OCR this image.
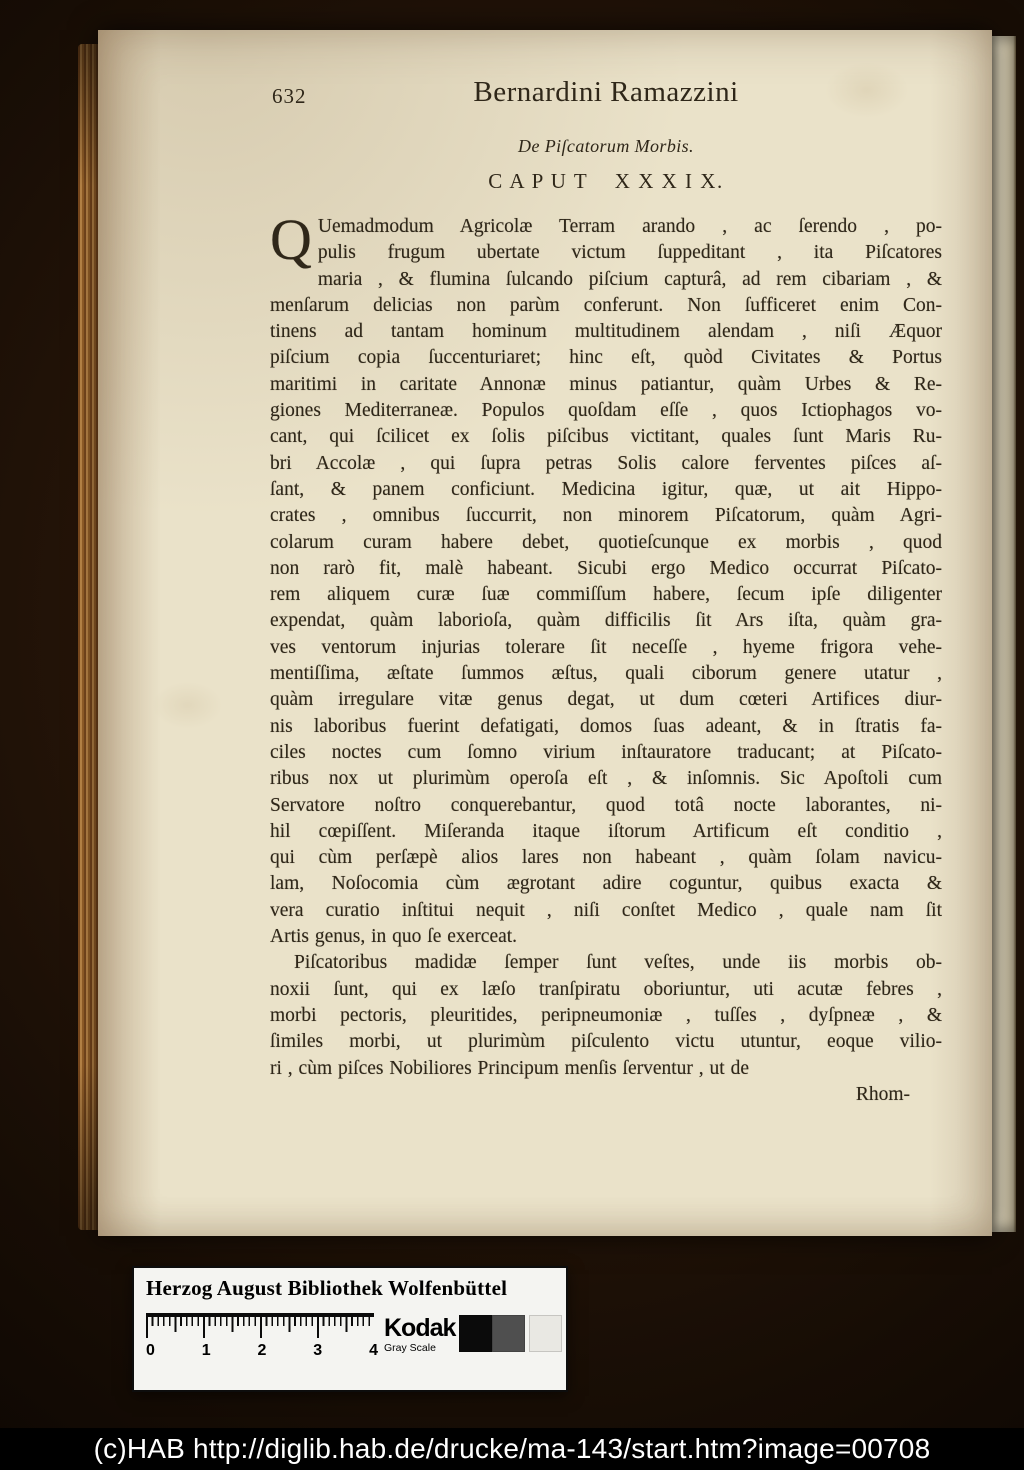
632	Bernardini Ramazzini
De Piſcatorum Morbis.
C A P U T    X X X I X.
Q Uemadmodum Agricolæ Terram arando , ac ſerendo , po-
pulis frugum ubertate victum ſuppeditant , ita Piſcatores
maria , & flumina ſulcando piſcium capturâ, ad rem cibariam , &
menſarum delicias non parùm conferunt. Non ſufficeret enim Con-
tinens ad tantam hominum multitudinem alendam , niſi Æquor
piſcium copia ſuccenturiaret; hinc eſt, quòd Civitates & Portus
maritimi in caritate Annonæ minus patiantur, quàm Urbes & Re-
giones Mediterraneæ. Populos quoſdam eſſe , quos Ictiophagos vo-
cant, qui ſcilicet ex ſolis piſcibus victitant, quales ſunt Maris Ru-
bri Accolæ , qui ſupra petras Solis calore ferventes piſces aſ-
ſant, & panem conficiunt. Medicina igitur, quæ, ut ait Hippo-
crates , omnibus ſuccurrit, non minorem Piſcatorum, quàm Agri-
colarum curam habere debet, quotieſcunque ex morbis , quod
non rarò fit, malè habeant. Sicubi ergo Medico occurrat Piſcato-
rem aliquem curæ ſuæ commiſſum habere, ſecum ipſe diligenter
expendat, quàm laborioſa, quàm difficilis ſit Ars iſta, quàm gra-
ves ventorum injurias tolerare ſit neceſſe , hyeme frigora vehe-
mentiſſima, æſtate ſummos æſtus, quali ciborum genere utatur ,
quàm irregulare vitæ genus degat, ut dum cœteri Artifices diur-
nis laboribus fuerint defatigati, domos ſuas adeant, & in ſtratis fa-
ciles noctes cum ſomno virium inſtauratore traducant; at Piſcato-
ribus nox ut plurimùm operoſa eſt , & inſomnis. Sic Apoſtoli cum
Servatore noſtro conquerebantur, quod totâ nocte laborantes, ni-
hil cœpiſſent. Miſeranda itaque iſtorum Artificum eſt conditio ,
qui cùm perſæpè alios lares non habeant , quàm ſolam navicu-
lam, Noſocomia cùm ægrotant adire coguntur, quibus exacta &
vera curatio inſtitui nequit , niſi conſtet Medico , quale nam ſit
Artis genus, in quo ſe exerceat.
Piſcatoribus madidæ ſemper ſunt veſtes, unde iis morbis ob-
noxii ſunt, qui ex læſo tranſpiratu oboriuntur, uti acutæ febres ,
morbi pectoris, pleuritides, peripneumoniæ , tuſſes , dyſpneæ , &
ſimiles morbi, ut plurimùm piſculento victu utuntur, eoque vilio-
ri , cùm piſces Nobiliores Principum menſis ſerventur , ut de
Rhom-
Herzog August Bibliothek Wolfenbüttel
0	1	2	3	4
Kodak
Gray Scale
(c)HAB http://diglib.hab.de/drucke/ma-143/start.htm?image=00708
